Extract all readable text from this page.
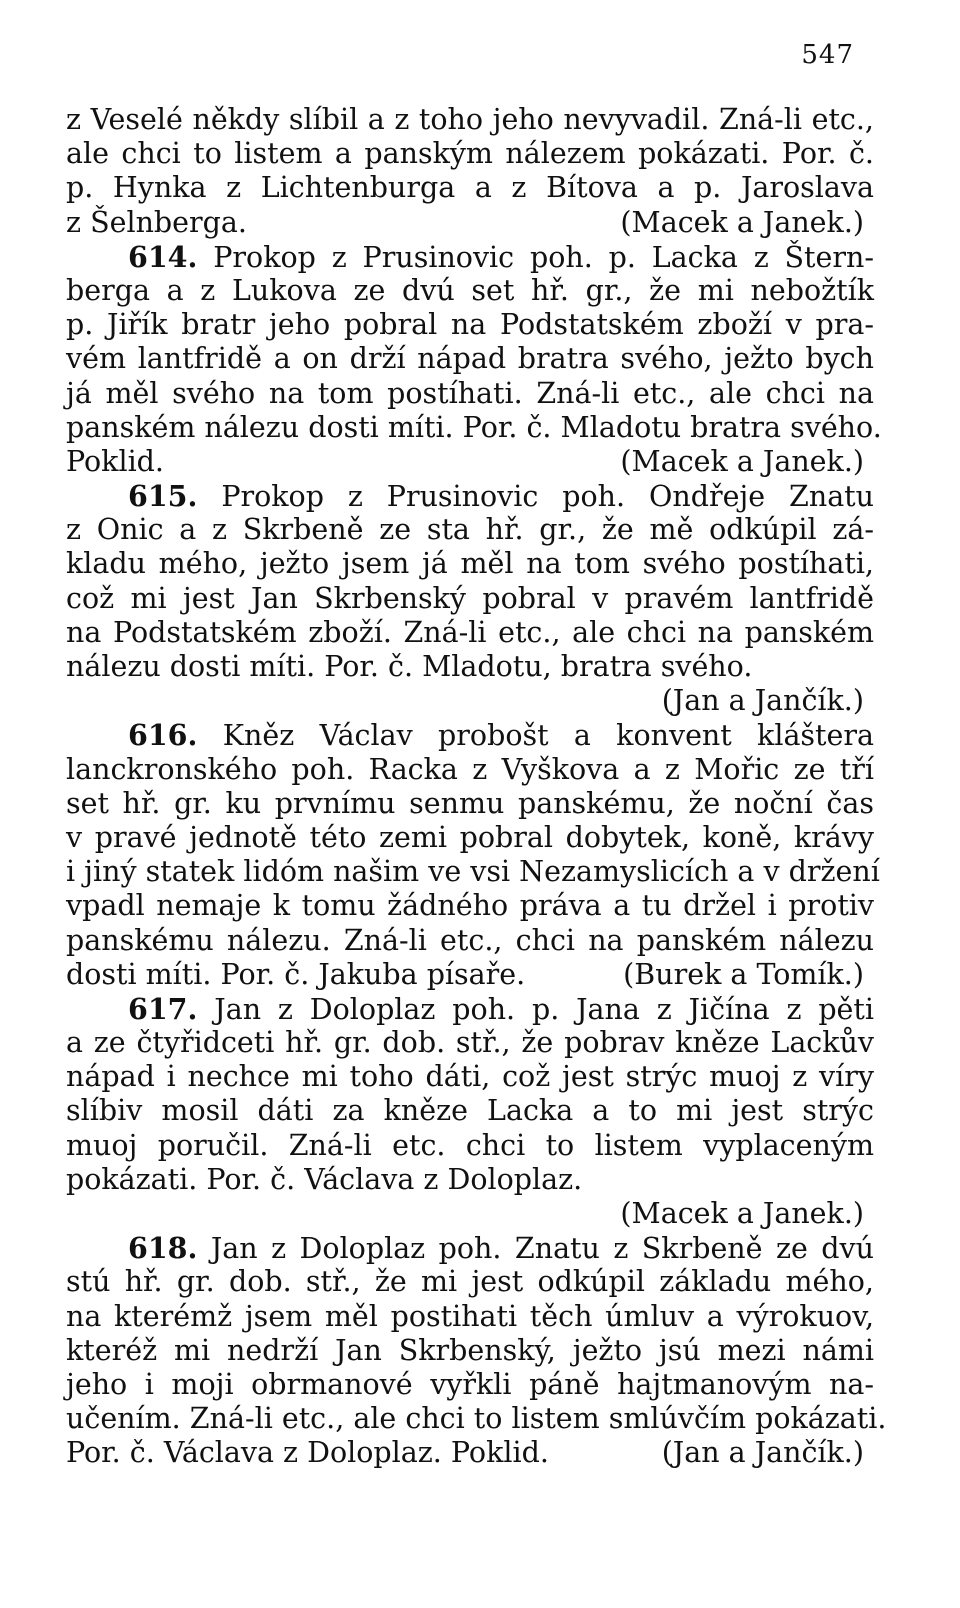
547
z Veselé někdy slíbil a z toho jeho nevyvadil. Zná-li etc.,
ale chci to listem a panským nálezem pokázati. Por. č.
p. Hynka z Lichtenburga a z Bítova a p. Jaroslava
z Šelnberga.	(Macek a Janek.)
614. Prokop z Prusinovic poh. p. Lacka z Štern-
berga a z Lukova ze dvú set hř. gr., že mi nebožtík
p. Jiřík bratr jeho pobral na Podstatském zboží v pra-
vém lantfridě a on drží nápad bratra svého, ježto bych
já měl svého na tom postíhati. Zná-li etc., ale chci na
panském nálezu dosti míti. Por. č. Mladotu bratra svého.
Poklid.	(Macek a Janek.)
615. Prokop z Prusinovic poh. Ondřeje Znatu
z Onic a z Skrbeně ze sta hř. gr., že mě odkúpil zá-
kladu mého, ježto jsem já měl na tom svého postíhati,
což mi jest Jan Skrbenský pobral v pravém lantfridě
na Podstatském zboží. Zná-li etc., ale chci na panském
nálezu dosti míti. Por. č. Mladotu, bratra svého.
(Jan a Jančík.)
616. Kněz Václav probošt a konvent kláštera
lanckronského poh. Racka z Vyškova a z Mořic ze tří
set hř. gr. ku prvnímu senmu panskému, že noční čas
v pravé jednotě této zemi pobral dobytek, koně, krávy
i jiný statek lidóm našim ve vsi Nezamyslicích a v držení
vpadl nemaje k tomu žádného práva a tu držel i protiv
panskému nálezu. Zná-li etc., chci na panském nálezu
dosti míti. Por. č. Jakuba písaře.	(Burek a Tomík.)
617. Jan z Doloplaz poh. p. Jana z Jičína z pěti
a ze čtyřidceti hř. gr. dob. stř., že pobrav kněze Lackův
nápad i nechce mi toho dáti, což jest strýc muoj z víry
slíbiv mosil dáti za kněze Lacka a to mi jest strýc
muoj poručil. Zná-li etc. chci to listem vyplaceným
pokázati. Por. č. Václava z Doloplaz.
(Macek a Janek.)
618. Jan z Doloplaz poh. Znatu z Skrbeně ze dvú
stú hř. gr. dob. stř., že mi jest odkúpil základu mého,
na kterémž jsem měl postihati těch úmluv a výrokuov,
kteréž mi nedrží Jan Skrbenský, ježto jsú mezi námi
jeho i moji obrmanové vyřkli páně hajtmanovým na-
učením. Zná-li etc., ale chci to listem smlúvčím pokázati.
Por. č. Václava z Doloplaz. Poklid.	(Jan a Jančík.)
